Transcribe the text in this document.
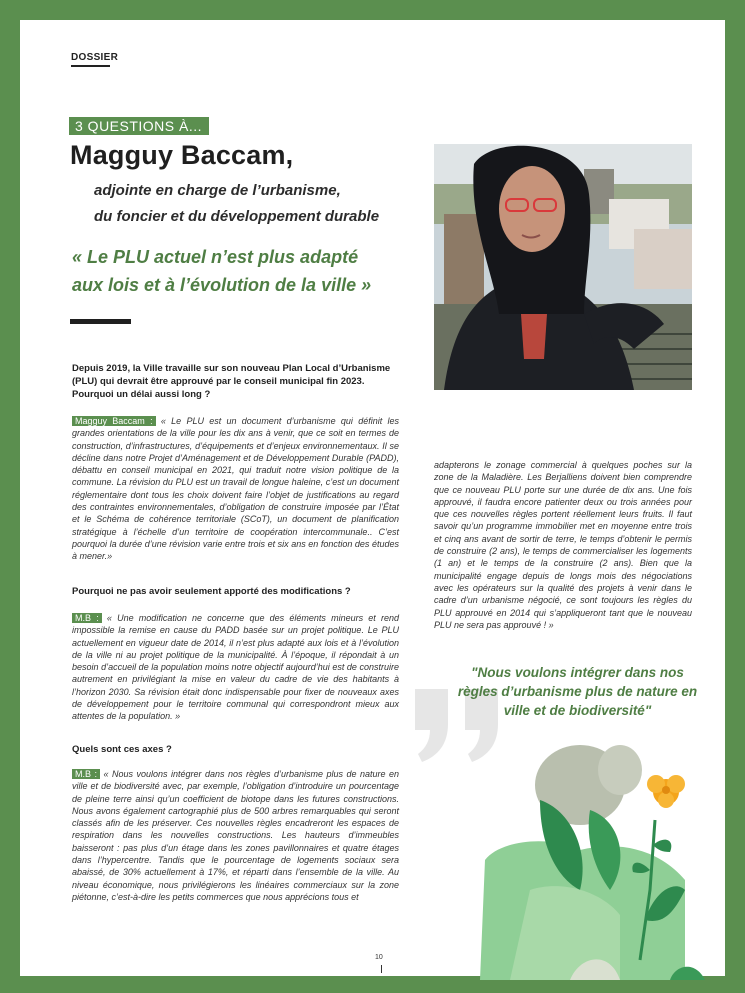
DOSSIER
3 QUESTIONS À...
Magguy Baccam,
adjointe en charge de l’urbanisme,
du foncier et du développement durable
« Le PLU actuel n’est plus adapté
aux lois et à l’évolution de la ville »
Depuis 2019, la Ville travaille sur son nouveau Plan Local d’Urbanisme (PLU) qui devrait être approuvé par le conseil municipal fin 2023. Pourquoi un délai aussi long ?
Magguy Baccam : « Le PLU est un document d’urbanisme qui définit les grandes orientations de la ville pour les dix ans à venir, que ce soit en termes de construction, d’infrastructures, d’équipements et d’enjeux environnementaux. Il se décline dans notre Projet d’Aménagement et de Développement Durable (PADD), débattu en conseil municipal en 2021, qui traduit notre vision politique de la commune. La révision du PLU est un travail de longue haleine, c’est un document réglementaire dont tous les choix doivent faire l’objet de justifications au regard des contraintes environnementales, d’obligation de construire imposée par l’État et le Schéma de cohérence territoriale (SCoT), un document de planification stratégique à l’échelle d’un territoire de coopération intercommunale.. C’est pourquoi la durée d’une révision varie entre trois et six ans en fonction des études à mener.»
Pourquoi ne pas avoir seulement apporté des modifications ?
M.B : « Une modification ne concerne que des éléments mineurs et rend impossible la remise en cause du PADD basée sur un projet politique. Le PLU actuellement en vigueur date de 2014, il n’est plus adapté aux lois et à l’évolution de la ville ni au projet politique de la municipalité. À l’époque, il répondait à un besoin d’accueil de la population moins notre objectif aujourd’hui est de construire autrement en privilégiant la mise en valeur du cadre de vie des habitants à l’horizon 2030. Sa révision était donc indispensable pour fixer de nouveaux axes de développement pour le territoire communal qui correspondront mieux aux attentes de la population. »
Quels sont ces axes ?
M.B : « Nous voulons intégrer dans nos règles d’urbanisme plus de nature en ville et de biodiversité avec, par exemple, l’obligation d’introduire un pourcentage de pleine terre ainsi qu’un coefficient de biotope dans les futures constructions. Nous avons également cartographié plus de 500 arbres remarquables qui seront classés afin de les préserver. Ces nouvelles règles encadreront les espaces de respiration dans les nouvelles constructions. Les hauteurs d’immeubles baisseront : pas plus d’un étage dans les zones pavillonnaires et quatre étages dans l’hypercentre. Tandis que le pourcentage de logements sociaux sera abaissé, de 30% actuellement à 17%, et réparti dans l’ensemble de la ville. Au niveau économique, nous privilégierons les linéaires commerciaux sur la zone piétonne, c’est-à-dire les petits commerces que nous apprécions tous et
adapterons le zonage commercial à quelques poches sur la zone de la Maladière. Les Berjalliens doivent bien comprendre que ce nouveau PLU porte sur une durée de dix ans. Une fois approuvé, il faudra encore patienter deux ou trois années pour que ces nouvelles règles portent réellement leurs fruits. Il faut savoir qu’un programme immobilier met en moyenne entre trois et cinq ans avant de sortir de terre, le temps d’obtenir le permis de construire (2 ans), le temps de commercialiser les logements (1 an) et le temps de la construire (2 ans). Bien que la municipalité engage depuis de longs mois des négociations avec les opérateurs sur la qualité des projets à venir dans le cadre d’un urbanisme négocié, ce sont toujours les règles du PLU approuvé en 2014 qui s’appliqueront tant que le nouveau PLU ne sera pas approuvé ! »
"Nous voulons intégrer dans nos règles d’urbanisme plus de nature en ville et de biodiversité"
10
